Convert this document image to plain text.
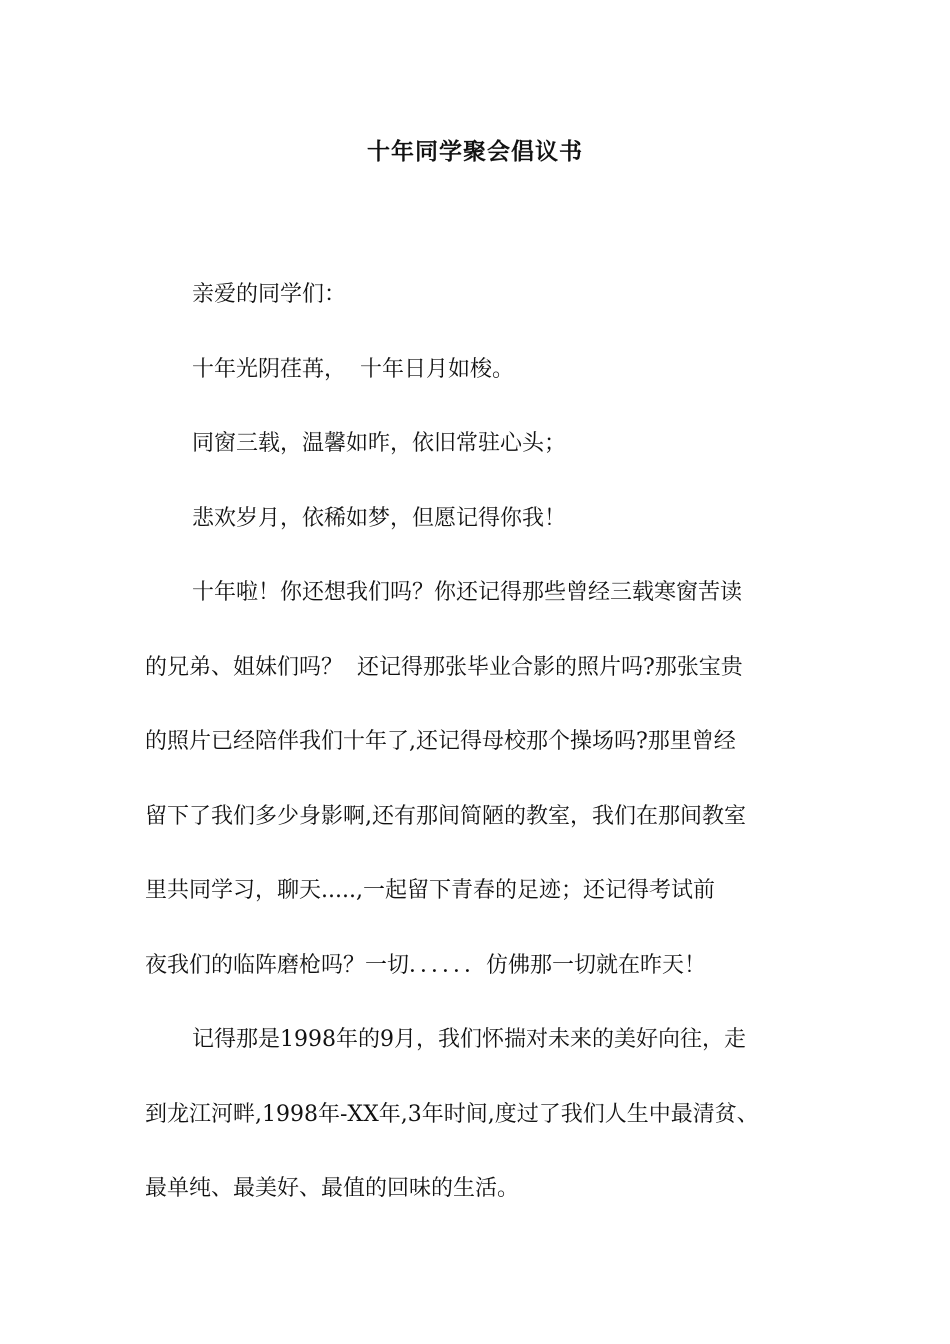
十年同学聚会倡议书
亲爱的同学们：
十年光阴荏苒，  十年日月如梭。
同窗三载，温馨如昨，依旧常驻心头；
悲欢岁月，依稀如梦，但愿记得你我！
十年啦！你还想我们吗？你还记得那些曾经三载寒窗苦读
的兄弟、姐妹们吗？  还记得那张毕业合影的照片吗?那张宝贵
的照片已经陪伴我们十年了,还记得母校那个操场吗?那里曾经
留下了我们多少身影啊,还有那间简陋的教室，我们在那间教室
里共同学习，聊天.....,一起留下青春的足迹；还记得考试前
夜我们的临阵磨枪吗？一切．．．．．．仿佛那一切就在昨天！
记得那是1998年的9月，我们怀揣对未来的美好向往，走
到龙江河畔,1998年-XX年,3年时间,度过了我们人生中最清贫、
最单纯、最美好、最值的回味的生活。
